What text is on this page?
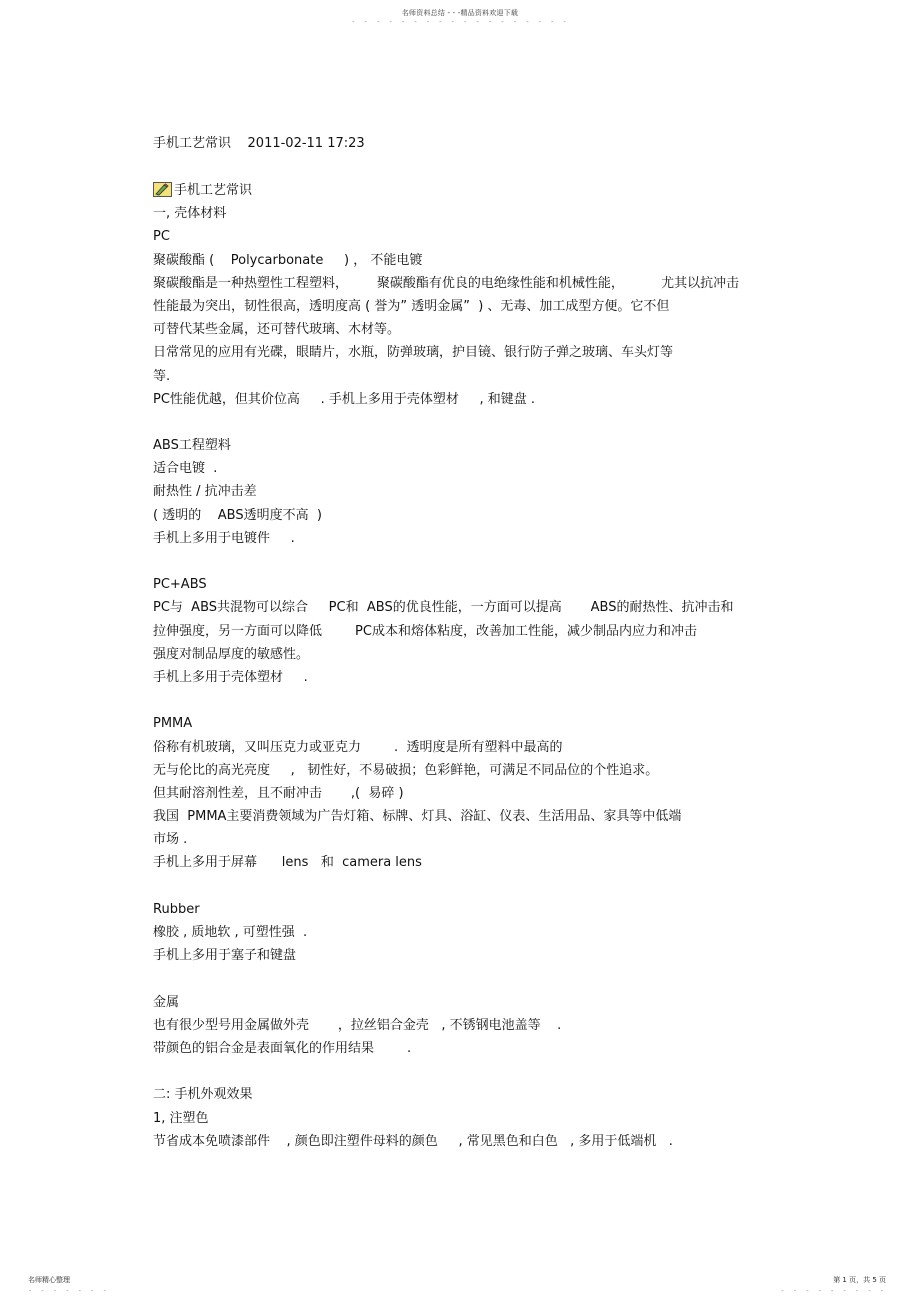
名师资料总结 - - -精品资料欢迎下载
- - - - - - - - - - - - - - - - - -
手机工艺常识    2011-02-11 17:23
手机工艺常识
一, 壳体材料
PC
聚碳酸酯 (    Polycarbonate     ) ， 不能电镀
聚碳酸酯是一种热塑性工程塑料，       聚碳酸酯有优良的电绝缘性能和机械性能，         尤其以抗冲击
性能最为突出，韧性很高，透明度高 ( 誉为” 透明金属”  ) 、无毒、加工成型方便。它不但
可替代某些金属，还可替代玻璃、木材等。
日常常见的应用有光碟，眼睛片，水瓶，防弹玻璃，护目镜、银行防子弹之玻璃、车头灯等
等.
PC性能优越，但其价位高     . 手机上多用于壳体塑材     , 和键盘 .
ABS工程塑料
适合电镀  .
耐热性 / 抗冲击差
( 透明的    ABS透明度不高  )
手机上多用于电镀件     .
PC+ABS
PC与  ABS共混物可以综合     PC和  ABS的优良性能，一方面可以提高       ABS的耐热性、抗冲击和
拉伸强度，另一方面可以降低        PC成本和熔体粘度，改善加工性能，减少制品内应力和冲击
强度对制品厚度的敏感性。
手机上多用于壳体塑材     .
PMMA
俗称有机玻璃，又叫压克力或亚克力        .  透明度是所有塑料中最高的
无与伦比的高光亮度     ,   韧性好，不易破损；色彩鲜艳，可满足不同品位的个性追求。
但其耐溶剂性差，且不耐冲击       ,(  易碎 )
我国  PMMA主要消费领域为广告灯箱、标牌、灯具、浴缸、仪表、生活用品、家具等中低端
市场 .
手机上多用于屏幕      lens   和  camera lens
Rubber
橡胶 , 质地软 , 可塑性强  .
手机上多用于塞子和键盘
金属
也有很少型号用金属做外壳       ，拉丝铝合金壳   , 不锈钢电池盖等    .
带颜色的铝合金是表面氧化的作用结果        .
二: 手机外观效果
1, 注塑色
节省成本免喷漆部件    , 颜色即注塑件母料的颜色     , 常见黑色和白色   , 多用于低端机   .
名师精心整理
- - - - - - -
第 1 页，共 5 页
- - - - - - - - -
